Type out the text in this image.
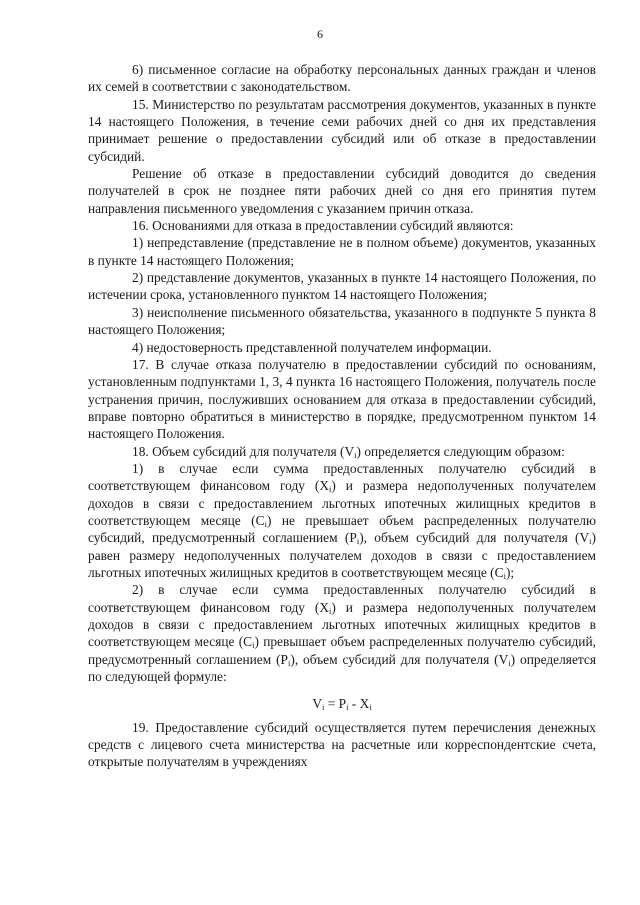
6

6) письменное согласие на обработку персональных данных граждан и членов их семей в соответствии с законодательством.

15. Министерство по результатам рассмотрения документов, указанных в пункте 14 настоящего Положения, в течение семи рабочих дней со дня их представления принимает решение о предоставлении субсидий или об отказе в предоставлении субсидий.

Решение об отказе в предоставлении субсидий доводится до сведения получателей в срок не позднее пяти рабочих дней со дня его принятия путем направления письменного уведомления с указанием причин отказа.

16. Основаниями для отказа в предоставлении субсидий являются:

1) непредставление (представление не в полном объеме) документов, указанных в пункте 14 настоящего Положения;

2) представление документов, указанных в пункте 14 настоящего Положения, по истечении срока, установленного пунктом 14 настоящего Положения;

3) неисполнение письменного обязательства, указанного в подпункте 5 пункта 8 настоящего Положения;

4) недостоверность представленной получателем информации.

17. В случае отказа получателю в предоставлении субсидий по основаниям, установленным подпунктами 1, 3, 4 пункта 16 настоящего Положения, получатель после устранения причин, послуживших основанием для отказа в предоставлении субсидий, вправе повторно обратиться в министерство в порядке, предусмотренном пунктом 14 настоящего Положения.

18. Объем субсидий для получателя $(V_i)$ определяется следующим образом:

1) в случае если сумма предоставленных получателю субсидий в соответствующем финансовом году $(X_i)$ и размера недополученных получателем доходов в связи с предоставлением льготных ипотечных жилищных кредитов в соответствующем месяце $(C_i)$ не превышает объем распределенных получателю субсидий, предусмотренный соглашением $(P_i)$, объем субсидий для получателя $(V_i)$ равен размеру недополученных получателем доходов в связи с предоставлением льготных ипотечных жилищных кредитов в соответствующем месяце $(C_i)$;

2) в случае если сумма предоставленных получателю субсидий в соответствующем финансовом году $(X_i)$ и размера недополученных получателем доходов в связи с предоставлением льготных ипотечных жилищных кредитов в соответствующем месяце $(C_i)$ превышает объем распределенных получателю субсидий, предусмотренный соглашением $(P_i)$, объем субсидий для получателя $(V_i)$ определяется по следующей формуле:

$V_i = P_i - X_i$

19. Предоставление субсидий осуществляется путем перечисления денежных средств с лицевого счета министерства на расчетные или корреспондентские счета, открытые получателям в учреждениях
